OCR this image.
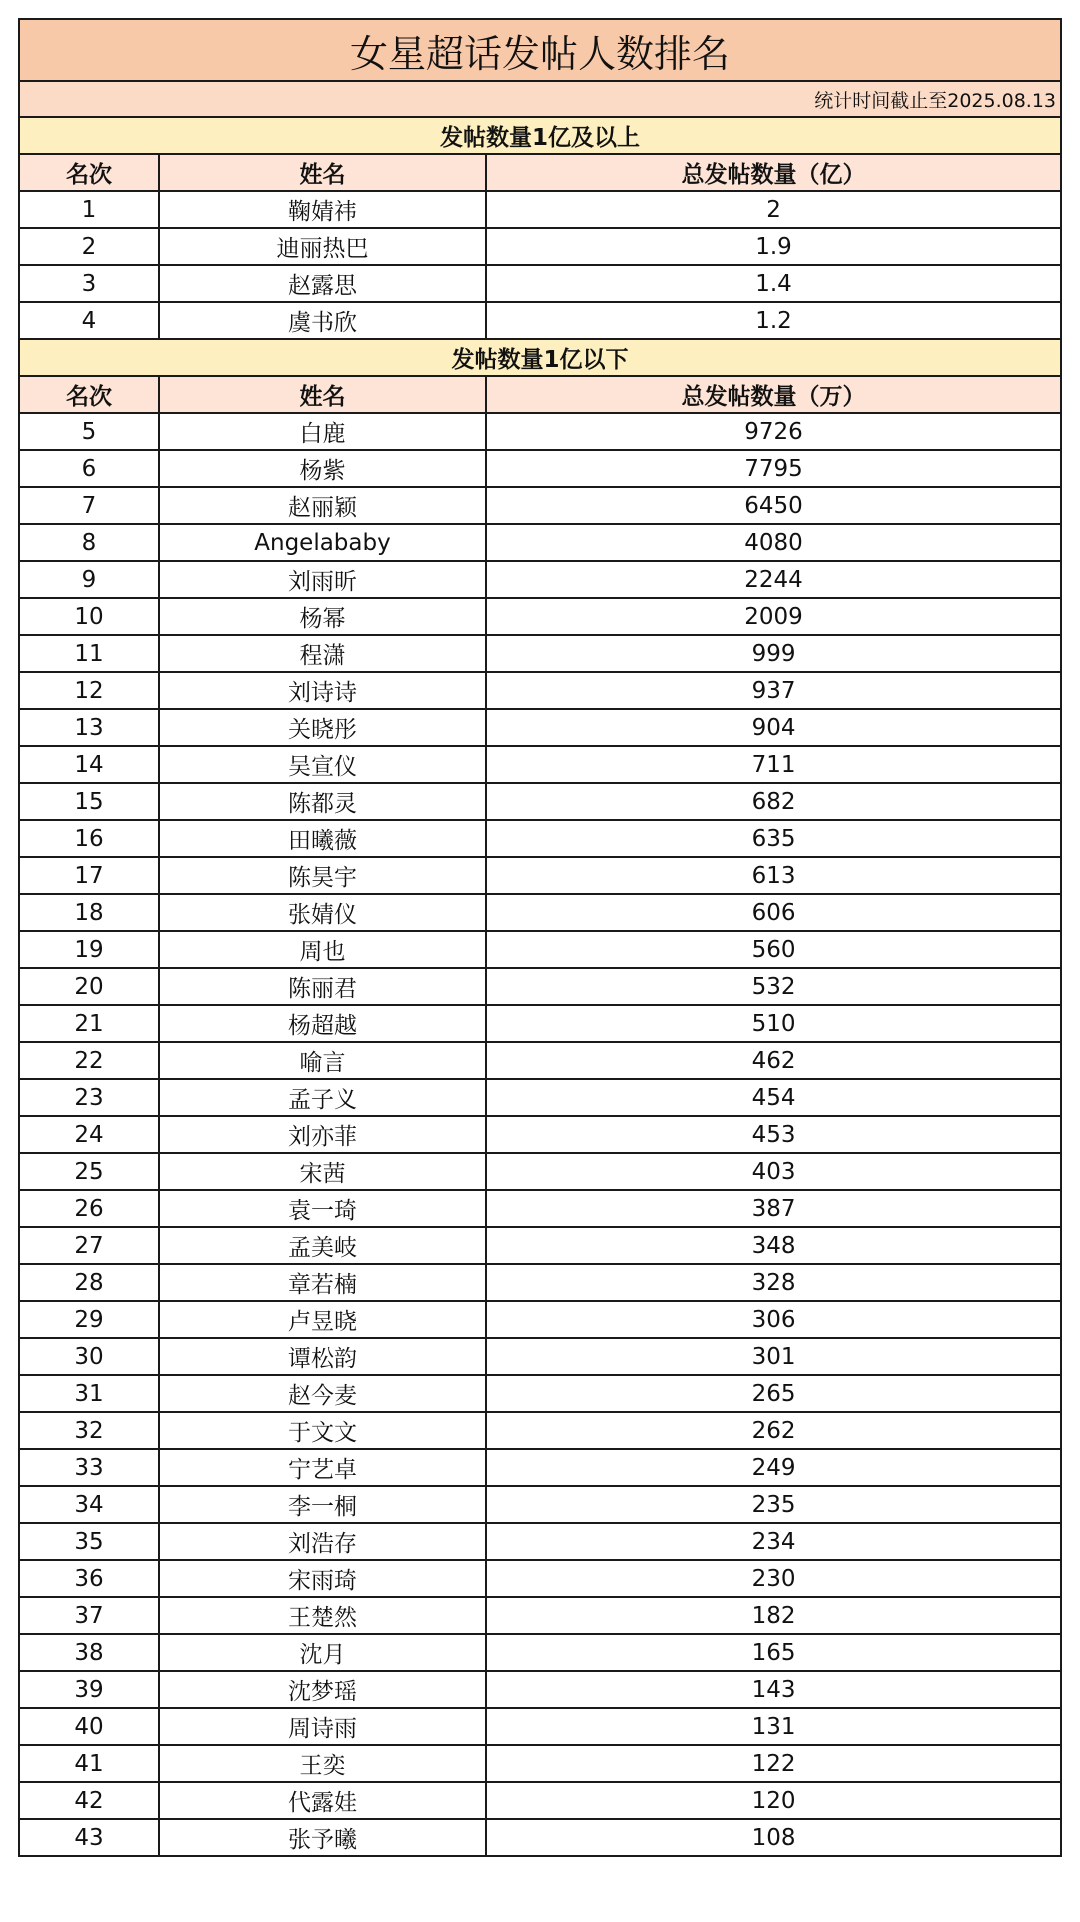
女星超话发帖人数排名		
统计时间截止至2025.08.13		
发帖数量1亿及以上		
名次	姓名	总发帖数量（亿）
1	鞠婧祎	2
2	迪丽热巴	1.9
3	赵露思	1.4
4	虞书欣	1.2
发帖数量1亿以下		
名次	姓名	总发帖数量（万）
5	白鹿	9726
6	杨紫	7795
7	赵丽颖	6450
8	Angelababy	4080
9	刘雨昕	2244
10	杨幂	2009
11	程潇	999
12	刘诗诗	937
13	关晓彤	904
14	吴宣仪	711
15	陈都灵	682
16	田曦薇	635
17	陈昊宇	613
18	张婧仪	606
19	周也	560
20	陈丽君	532
21	杨超越	510
22	喻言	462
23	孟子义	454
24	刘亦菲	453
25	宋茜	403
26	袁一琦	387
27	孟美岐	348
28	章若楠	328
29	卢昱晓	306
30	谭松韵	301
31	赵今麦	265
32	于文文	262
33	宁艺卓	249
34	李一桐	235
35	刘浩存	234
36	宋雨琦	230
37	王楚然	182
38	沈月	165
39	沈梦瑶	143
40	周诗雨	131
41	王奕	122
42	代露娃	120
43	张予曦	108
